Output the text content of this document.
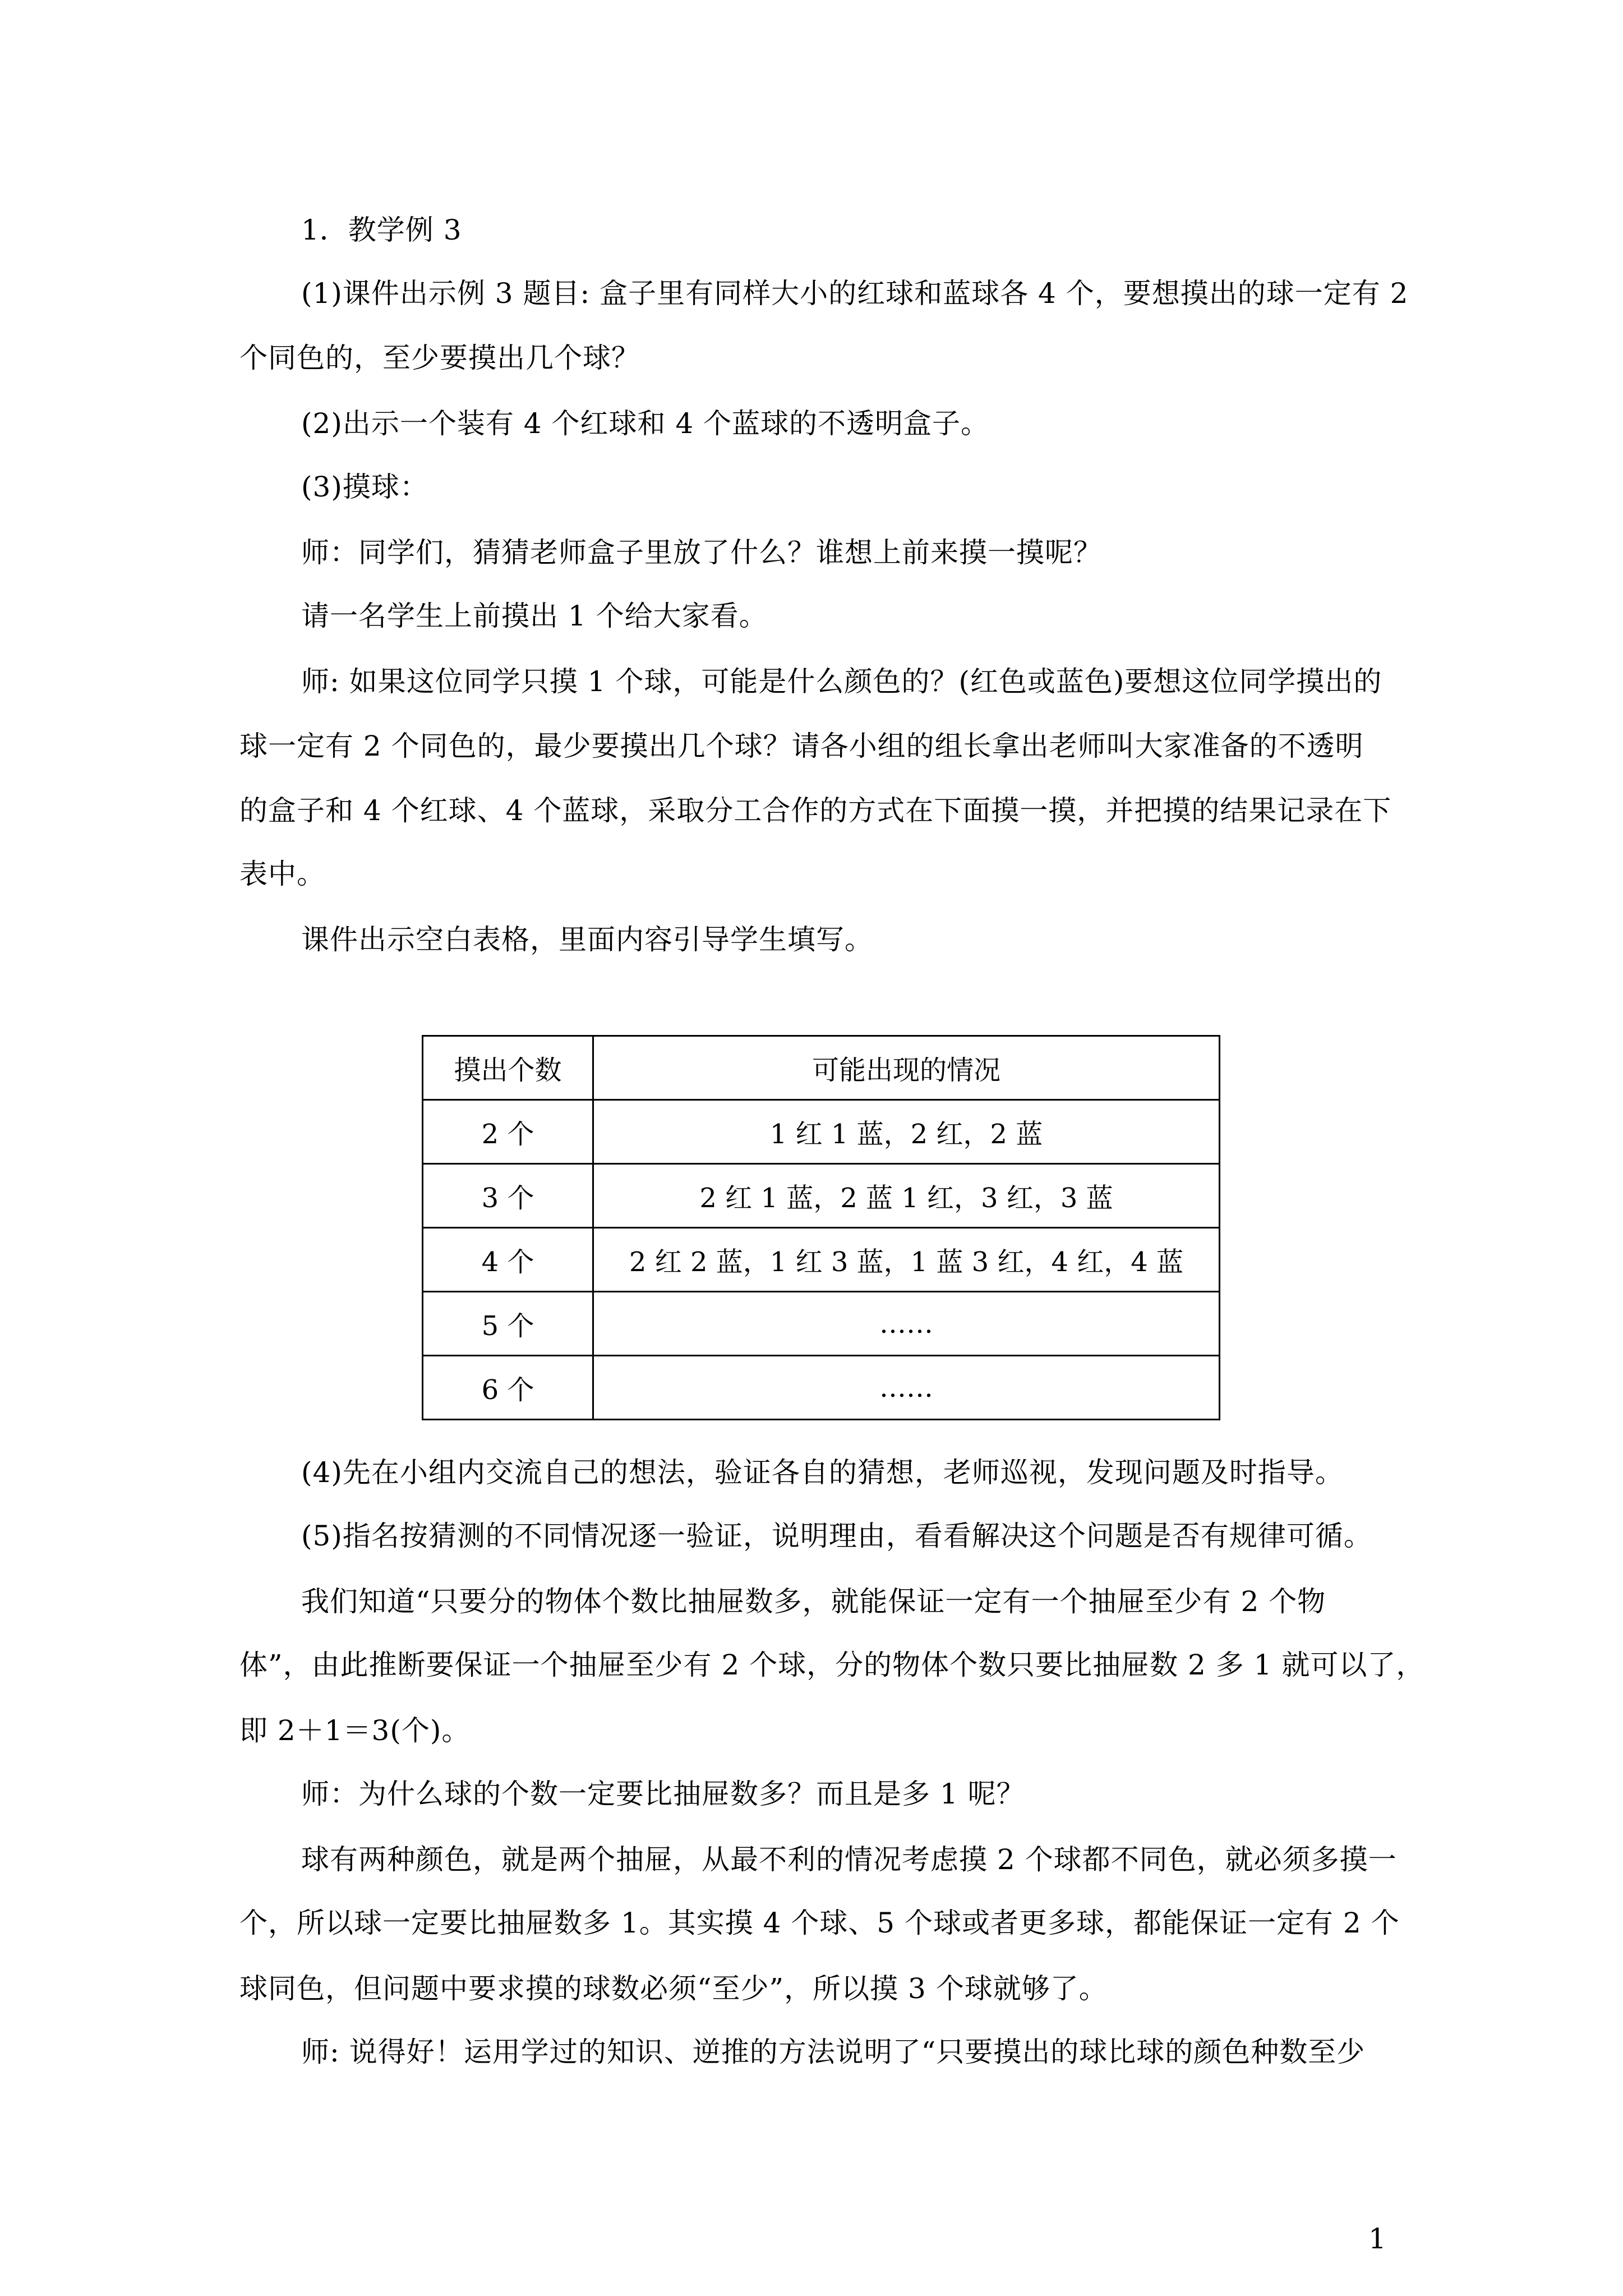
1．教学例 3
(1)课件出示例 3 题目: 盒子里有同样大小的红球和蓝球各 4 个，要想摸出的球一定有 2
个同色的，至少要摸出几个球？
(2)出示一个装有 4 个红球和 4 个蓝球的不透明盒子。
(3)摸球：
师：同学们，猜猜老师盒子里放了什么？谁想上前来摸一摸呢？
请一名学生上前摸出 1 个给大家看。
师: 如果这位同学只摸 1 个球，可能是什么颜色的？(红色或蓝色)要想这位同学摸出的
球一定有 2 个同色的，最少要摸出几个球？请各小组的组长拿出老师叫大家准备的不透明
的盒子和 4 个红球、4 个蓝球，采取分工合作的方式在下面摸一摸，并把摸的结果记录在下
表中。
课件出示空白表格，里面内容引导学生填写。
摸出个数	可能出现的情况
2 个	1 红 1 蓝，2 红，2 蓝
3 个	2 红 1 蓝，2 蓝 1 红，3 红，3 蓝
4 个	2 红 2 蓝，1 红 3 蓝，1 蓝 3 红，4 红，4 蓝
5 个	……
6 个	……
(4)先在小组内交流自己的想法，验证各自的猜想，老师巡视，发现问题及时指导。
(5)指名按猜测的不同情况逐一验证，说明理由，看看解决这个问题是否有规律可循。
我们知道“只要分的物体个数比抽屉数多，就能保证一定有一个抽屉至少有 2 个物
体”，由此推断要保证一个抽屉至少有 2 个球，分的物体个数只要比抽屉数 2 多 1 就可以了，
即 2＋1＝3(个)。
师：为什么球的个数一定要比抽屉数多？而且是多 1 呢？
球有两种颜色，就是两个抽屉，从最不利的情况考虑摸 2 个球都不同色，就必须多摸一
个，所以球一定要比抽屉数多 1。其实摸 4 个球、5 个球或者更多球，都能保证一定有 2 个
球同色，但问题中要求摸的球数必须“至少”，所以摸 3 个球就够了。
师: 说得好！运用学过的知识、逆推的方法说明了“只要摸出的球比球的颜色种数至少
1
